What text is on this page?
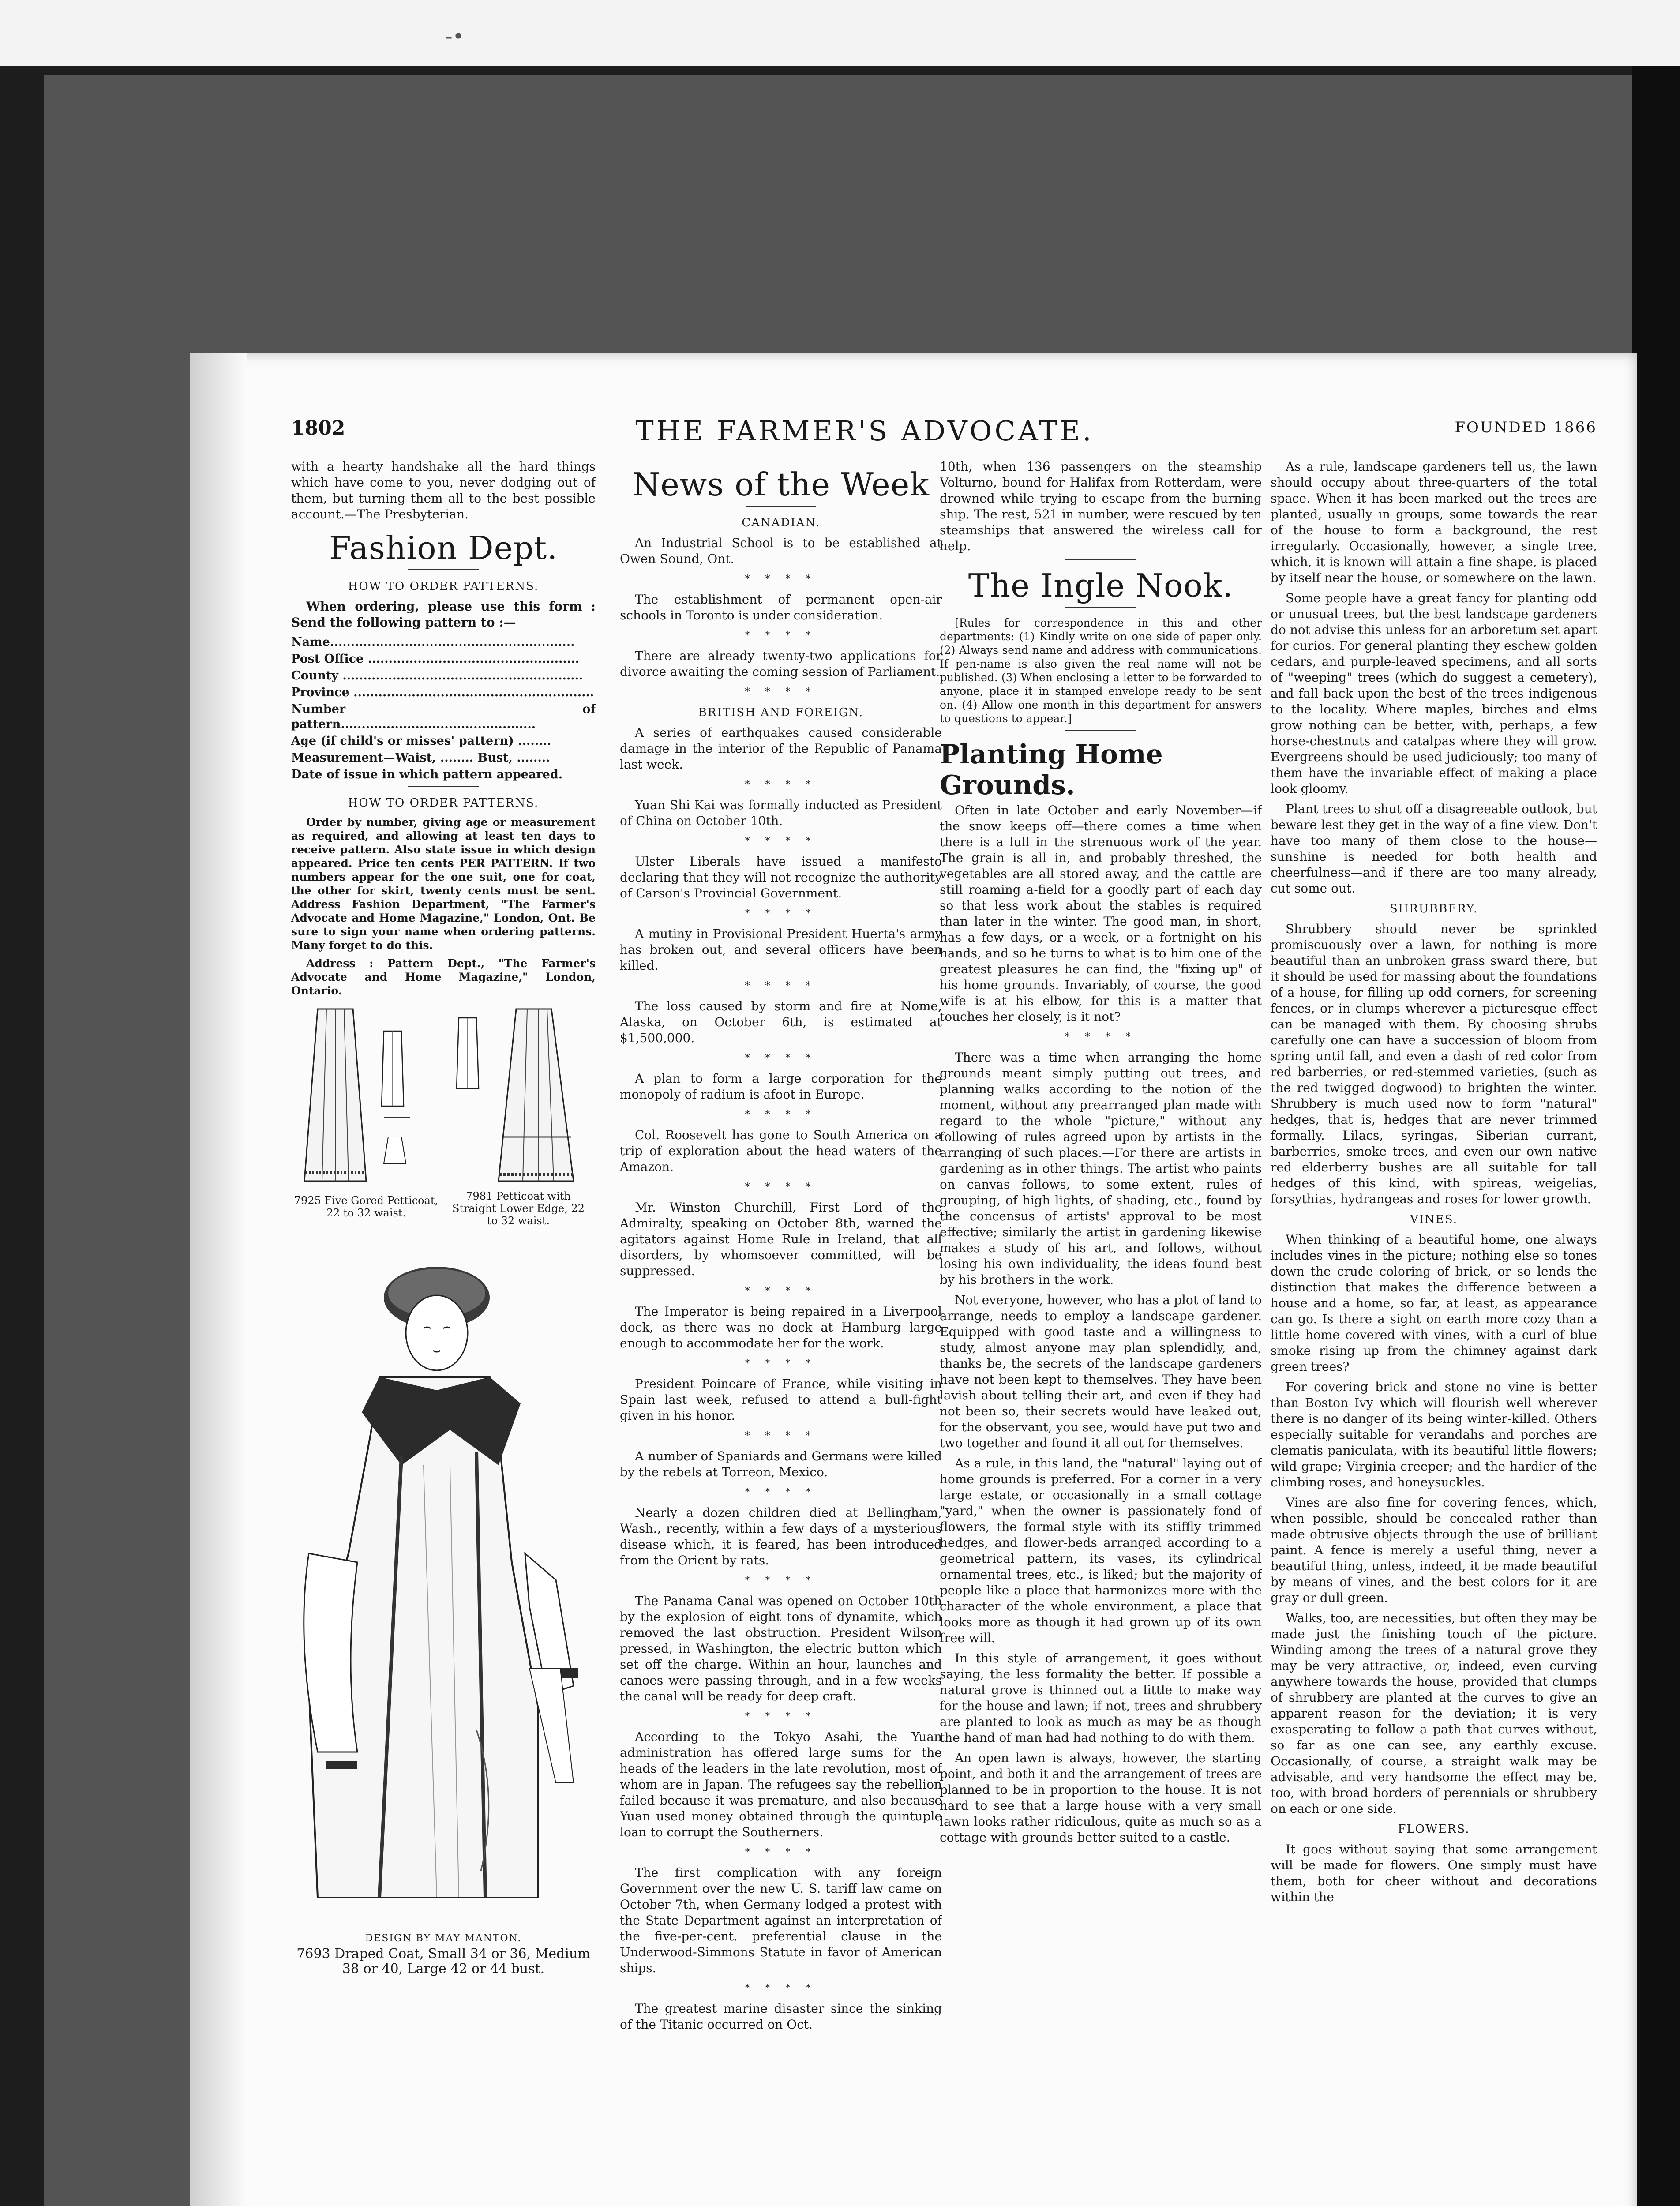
-•
1802	THE FARMER'S ADVOCATE.	FOUNDED 1866

with a hearty handshake all the hard things which have come to you, never dodging out of them, but turning them all to the best possible account.—The Presbyterian.

Fashion Dept.
HOW TO ORDER PATTERNS.

When ordering, please use this form : Send the following pattern to :—

Name...........................................................

Post Office ...................................................

County ..........................................................

Province ..........................................................

Number of pattern...............................................

Age (if child's or misses' pattern) ........

Measurement—Waist, ........ Bust, ........

Date of issue in which pattern appeared.

HOW TO ORDER PATTERNS.

Order by number, giving age or measurement as required, and allowing at least ten days to receive pattern. Also state issue in which design appeared. Price ten cents PER PATTERN. If two numbers appear for the one suit, one for coat, the other for skirt, twenty cents must be sent. Address Fashion Department, "The Farmer's Advocate and Home Magazine," London, Ont. Be sure to sign your name when ordering patterns. Many forget to do this.

Address : Pattern Dept., "The Farmer's Advocate and Home Magazine," London, Ontario.

7925 Five Gored Petticoat, 22 to 32 waist.
7981 Petticoat with Straight Lower Edge, 22 to 32 waist.
DESIGN BY MAY MANTON.
7693 Draped Coat, Small 34 or 36, Medium 38 or 40, Large 42 or 44 bust.
News of the Week
CANADIAN.

An Industrial School is to be established at Owen Sound, Ont.

* * * *

The establishment of permanent open-air schools in Toronto is under consideration.

* * * *

There are already twenty-two applications for divorce awaiting the coming session of Parliament.

* * * *
BRITISH AND FOREIGN.

A series of earthquakes caused considerable damage in the interior of the Republic of Panama last week.

* * * *

Yuan Shi Kai was formally inducted as President of China on October 10th.

* * * *

Ulster Liberals have issued a manifesto declaring that they will not recognize the authority of Carson's Provincial Government.

* * * *

A mutiny in Provisional President Huerta's army has broken out, and several officers have been killed.

* * * *

The loss caused by storm and fire at Nome, Alaska, on October 6th, is estimated at $1,500,000.

* * * *

A plan to form a large corporation for the monopoly of radium is afoot in Europe.

* * * *

Col. Roosevelt has gone to South America on a trip of exploration about the head waters of the Amazon.

* * * *

Mr. Winston Churchill, First Lord of the Admiralty, speaking on October 8th, warned the agitators against Home Rule in Ireland, that all disorders, by whomsoever committed, will be suppressed.

* * * *

The Imperator is being repaired in a Liverpool dock, as there was no dock at Hamburg large enough to accommodate her for the work.

* * * *

President Poincare of France, while visiting in Spain last week, refused to attend a bull-fight given in his honor.

* * * *

A number of Spaniards and Germans were killed by the rebels at Torreon, Mexico.

* * * *

Nearly a dozen children died at Bellingham, Wash., recently, within a few days of a mysterious disease which, it is feared, has been introduced from the Orient by rats.

* * * *

The Panama Canal was opened on October 10th by the explosion of eight tons of dynamite, which removed the last obstruction. President Wilson pressed, in Washington, the electric button which set off the charge. Within an hour, launches and canoes were passing through, and in a few weeks the canal will be ready for deep craft.

* * * *

According to the Tokyo Asahi, the Yuan administration has offered large sums for the heads of the leaders in the late revolution, most of whom are in Japan. The refugees say the rebellion failed because it was premature, and also because Yuan used money obtained through the quintuple loan to corrupt the Southerners.

* * * *

The first complication with any foreign Government over the new U. S. tariff law came on October 7th, when Germany lodged a protest with the State Department against an interpretation of the five-per-cent. preferential clause in the Underwood-Simmons Statute in favor of American ships.

* * * *

The greatest marine disaster since the sinking of the Titanic occurred on Oct.

10th, when 136 passengers on the steamship Volturno, bound for Halifax from Rotterdam, were drowned while trying to escape from the burning ship. The rest, 521 in number, were rescued by ten steamships that answered the wireless call for help.

The Ingle Nook.

[Rules for correspondence in this and other departments: (1) Kindly write on one side of paper only. (2) Always send name and address with communications. If pen-name is also given the real name will not be published. (3) When enclosing a letter to be forwarded to anyone, place it in stamped envelope ready to be sent on. (4) Allow one month in this department for answers to questions to appear.]

Planting Home Grounds.

Often in late October and early November—if the snow keeps off—there comes a time when there is a lull in the strenuous work of the year. The grain is all in, and probably threshed, the vegetables are all stored away, and the cattle are still roaming a-field for a goodly part of each day so that less work about the stables is required than later in the winter. The good man, in short, has a few days, or a week, or a fortnight on his hands, and so he turns to what is to him one of the greatest pleasures he can find, the "fixing up" of his home grounds. Invariably, of course, the good wife is at his elbow, for this is a matter that touches her closely, is it not?

* * * *

There was a time when arranging the home grounds meant simply putting out trees, and planning walks according to the notion of the moment, without any prearranged plan made with regard to the whole "picture," without any following of rules agreed upon by artists in the arranging of such places.—For there are artists in gardening as in other things. The artist who paints on canvas follows, to some extent, rules of grouping, of high lights, of shading, etc., found by the concensus of artists' approval to be most effective; similarly the artist in gardening likewise makes a study of his art, and follows, without losing his own individuality, the ideas found best by his brothers in the work.

Not everyone, however, who has a plot of land to arrange, needs to employ a landscape gardener. Equipped with good taste and a willingness to study, almost anyone may plan splendidly, and, thanks be, the secrets of the landscape gardeners have not been kept to themselves. They have been lavish about telling their art, and even if they had not been so, their secrets would have leaked out, for the observant, you see, would have put two and two together and found it all out for themselves.

As a rule, in this land, the "natural" laying out of home grounds is preferred. For a corner in a very large estate, or occasionally in a small cottage "yard," when the owner is passionately fond of flowers, the formal style with its stiffly trimmed hedges, and flower-beds arranged according to a geometrical pattern, its vases, its cylindrical ornamental trees, etc., is liked; but the majority of people like a place that harmonizes more with the character of the whole environment, a place that looks more as though it had grown up of its own free will.

In this style of arrangement, it goes without saying, the less formality the better. If possible a natural grove is thinned out a little to make way for the house and lawn; if not, trees and shrubbery are planted to look as much as may be as though the hand of man had had nothing to do with them.

An open lawn is always, however, the starting point, and both it and the arrangement of trees are planned to be in proportion to the house. It is not hard to see that a large house with a very small lawn looks rather ridiculous, quite as much so as a cottage with grounds better suited to a castle.

As a rule, landscape gardeners tell us, the lawn should occupy about three-quarters of the total space. When it has been marked out the trees are planted, usually in groups, some towards the rear of the house to form a background, the rest irregularly. Occasionally, however, a single tree, which, it is known will attain a fine shape, is placed by itself near the house, or somewhere on the lawn.

Some people have a great fancy for planting odd or unusual trees, but the best landscape gardeners do not advise this unless for an arboretum set apart for curios. For general planting they eschew golden cedars, and purple-leaved specimens, and all sorts of "weeping" trees (which do suggest a cemetery), and fall back upon the best of the trees indigenous to the locality. Where maples, birches and elms grow nothing can be better, with, perhaps, a few horse-chestnuts and catalpas where they will grow. Evergreens should be used judiciously; too many of them have the invariable effect of making a place look gloomy.

Plant trees to shut off a disagreeable outlook, but beware lest they get in the way of a fine view. Don't have too many of them close to the house—sunshine is needed for both health and cheerfulness—and if there are too many already, cut some out.

SHRUBBERY.

Shrubbery should never be sprinkled promiscuously over a lawn, for nothing is more beautiful than an unbroken grass sward there, but it should be used for massing about the foundations of a house, for filling up odd corners, for screening fences, or in clumps wherever a picturesque effect can be managed with them. By choosing shrubs carefully one can have a succession of bloom from spring until fall, and even a dash of red color from red barberries, or red-stemmed varieties, (such as the red twigged dogwood) to brighten the winter. Shrubbery is much used now to form "natural" hedges, that is, hedges that are never trimmed formally. Lilacs, syringas, Siberian currant, barberries, smoke trees, and even our own native red elderberry bushes are all suitable for tall hedges of this kind, with spireas, weigelias, forsythias, hydrangeas and roses for lower growth.

VINES.

When thinking of a beautiful home, one always includes vines in the picture; nothing else so tones down the crude coloring of brick, or so lends the distinction that makes the difference between a house and a home, so far, at least, as appearance can go. Is there a sight on earth more cozy than a little home covered with vines, with a curl of blue smoke rising up from the chimney against dark green trees?

For covering brick and stone no vine is better than Boston Ivy which will flourish well wherever there is no danger of its being winter-killed. Others especially suitable for verandahs and porches are clematis paniculata, with its beautiful little flowers; wild grape; Virginia creeper; and the hardier of the climbing roses, and honeysuckles.

Vines are also fine for covering fences, which, when possible, should be concealed rather than made obtrusive objects through the use of brilliant paint. A fence is merely a useful thing, never a beautiful thing, unless, indeed, it be made beautiful by means of vines, and the best colors for it are gray or dull green.

Walks, too, are necessities, but often they may be made just the finishing touch of the picture. Winding among the trees of a natural grove they may be very attractive, or, indeed, even curving anywhere towards the house, provided that clumps of shrubbery are planted at the curves to give an apparent reason for the deviation; it is very exasperating to follow a path that curves without, so far as one can see, any earthly excuse. Occasionally, of course, a straight walk may be advisable, and very handsome the effect may be, too, with broad borders of perennials or shrubbery on each or one side.

FLOWERS.

It goes without saying that some arrangement will be made for flowers. One simply must have them, both for cheer without and decorations within the
